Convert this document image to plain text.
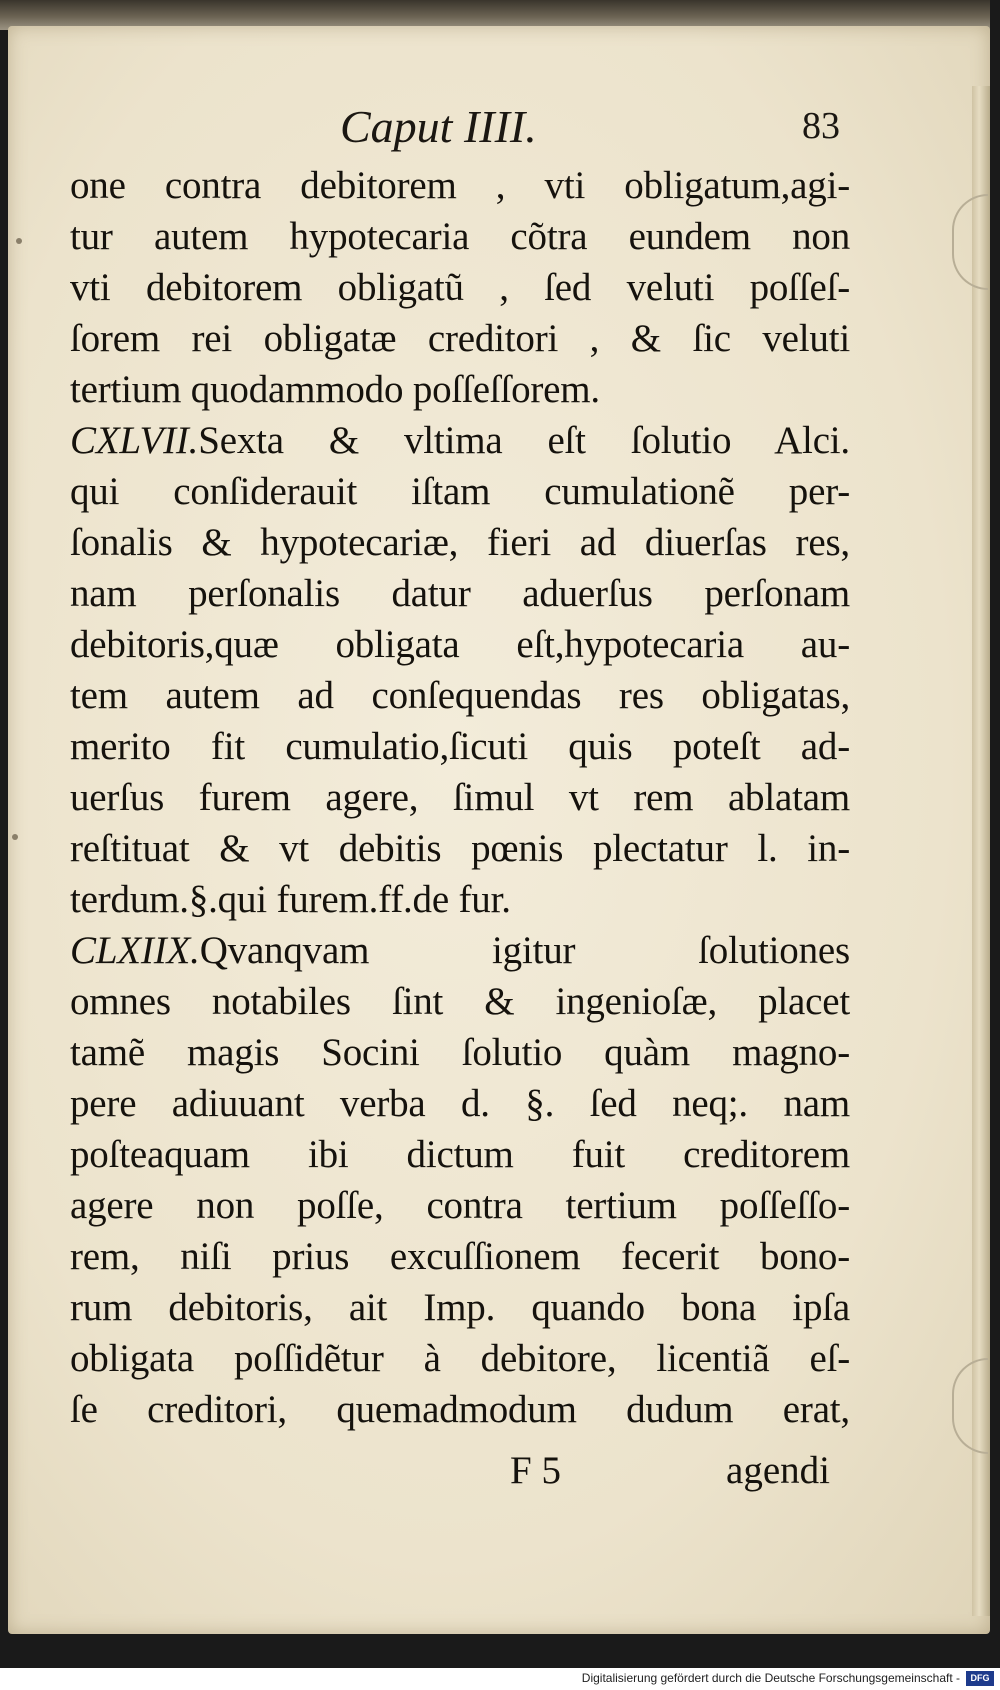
Caput IIII.	83
one contra debitorem , vti obligatum,agi-
tur autem hypotecaria cõtra eundem non
vti debitorem obligatũ , ſed veluti poſſeſ-
ſorem rei obligatæ creditori , & ſic veluti
tertium quodammodo poſſeſſorem.
CXLVII.Sexta & vltima eſt ſolutio Alci.
qui conſiderauit iſtam cumulationẽ per-
ſonalis & hypotecariæ, fieri ad diuerſas res,
nam perſonalis datur aduerſus perſonam
debitoris,quæ obligata eſt,hypotecaria au-
tem autem ad conſequendas res obligatas,
merito fit cumulatio,ſicuti quis poteſt ad-
uerſus furem agere, ſimul vt rem ablatam
reſtituat & vt debitis pœnis plectatur l. in-
terdum.§.qui furem.ff.de fur.
CLXIIX.Qvanqvam igitur ſolutiones
omnes notabiles ſint & ingenioſæ, placet
tamẽ magis Socini ſolutio quàm magno-
pere adiuuant verba d. §. ſed neq;. nam
poſteaquam ibi dictum fuit creditorem
agere non poſſe, contra tertium poſſeſſo-
rem, niſi prius excuſſionem fecerit bono-
rum debitoris, ait Imp. quando bona ipſa
obligata poſſidẽtur à debitore, licentiã eſ-
ſe creditori, quemadmodum dudum erat,
F 5	agendi
Digitalisierung gefördert durch die Deutsche Forschungsgemeinschaft -	DFG
